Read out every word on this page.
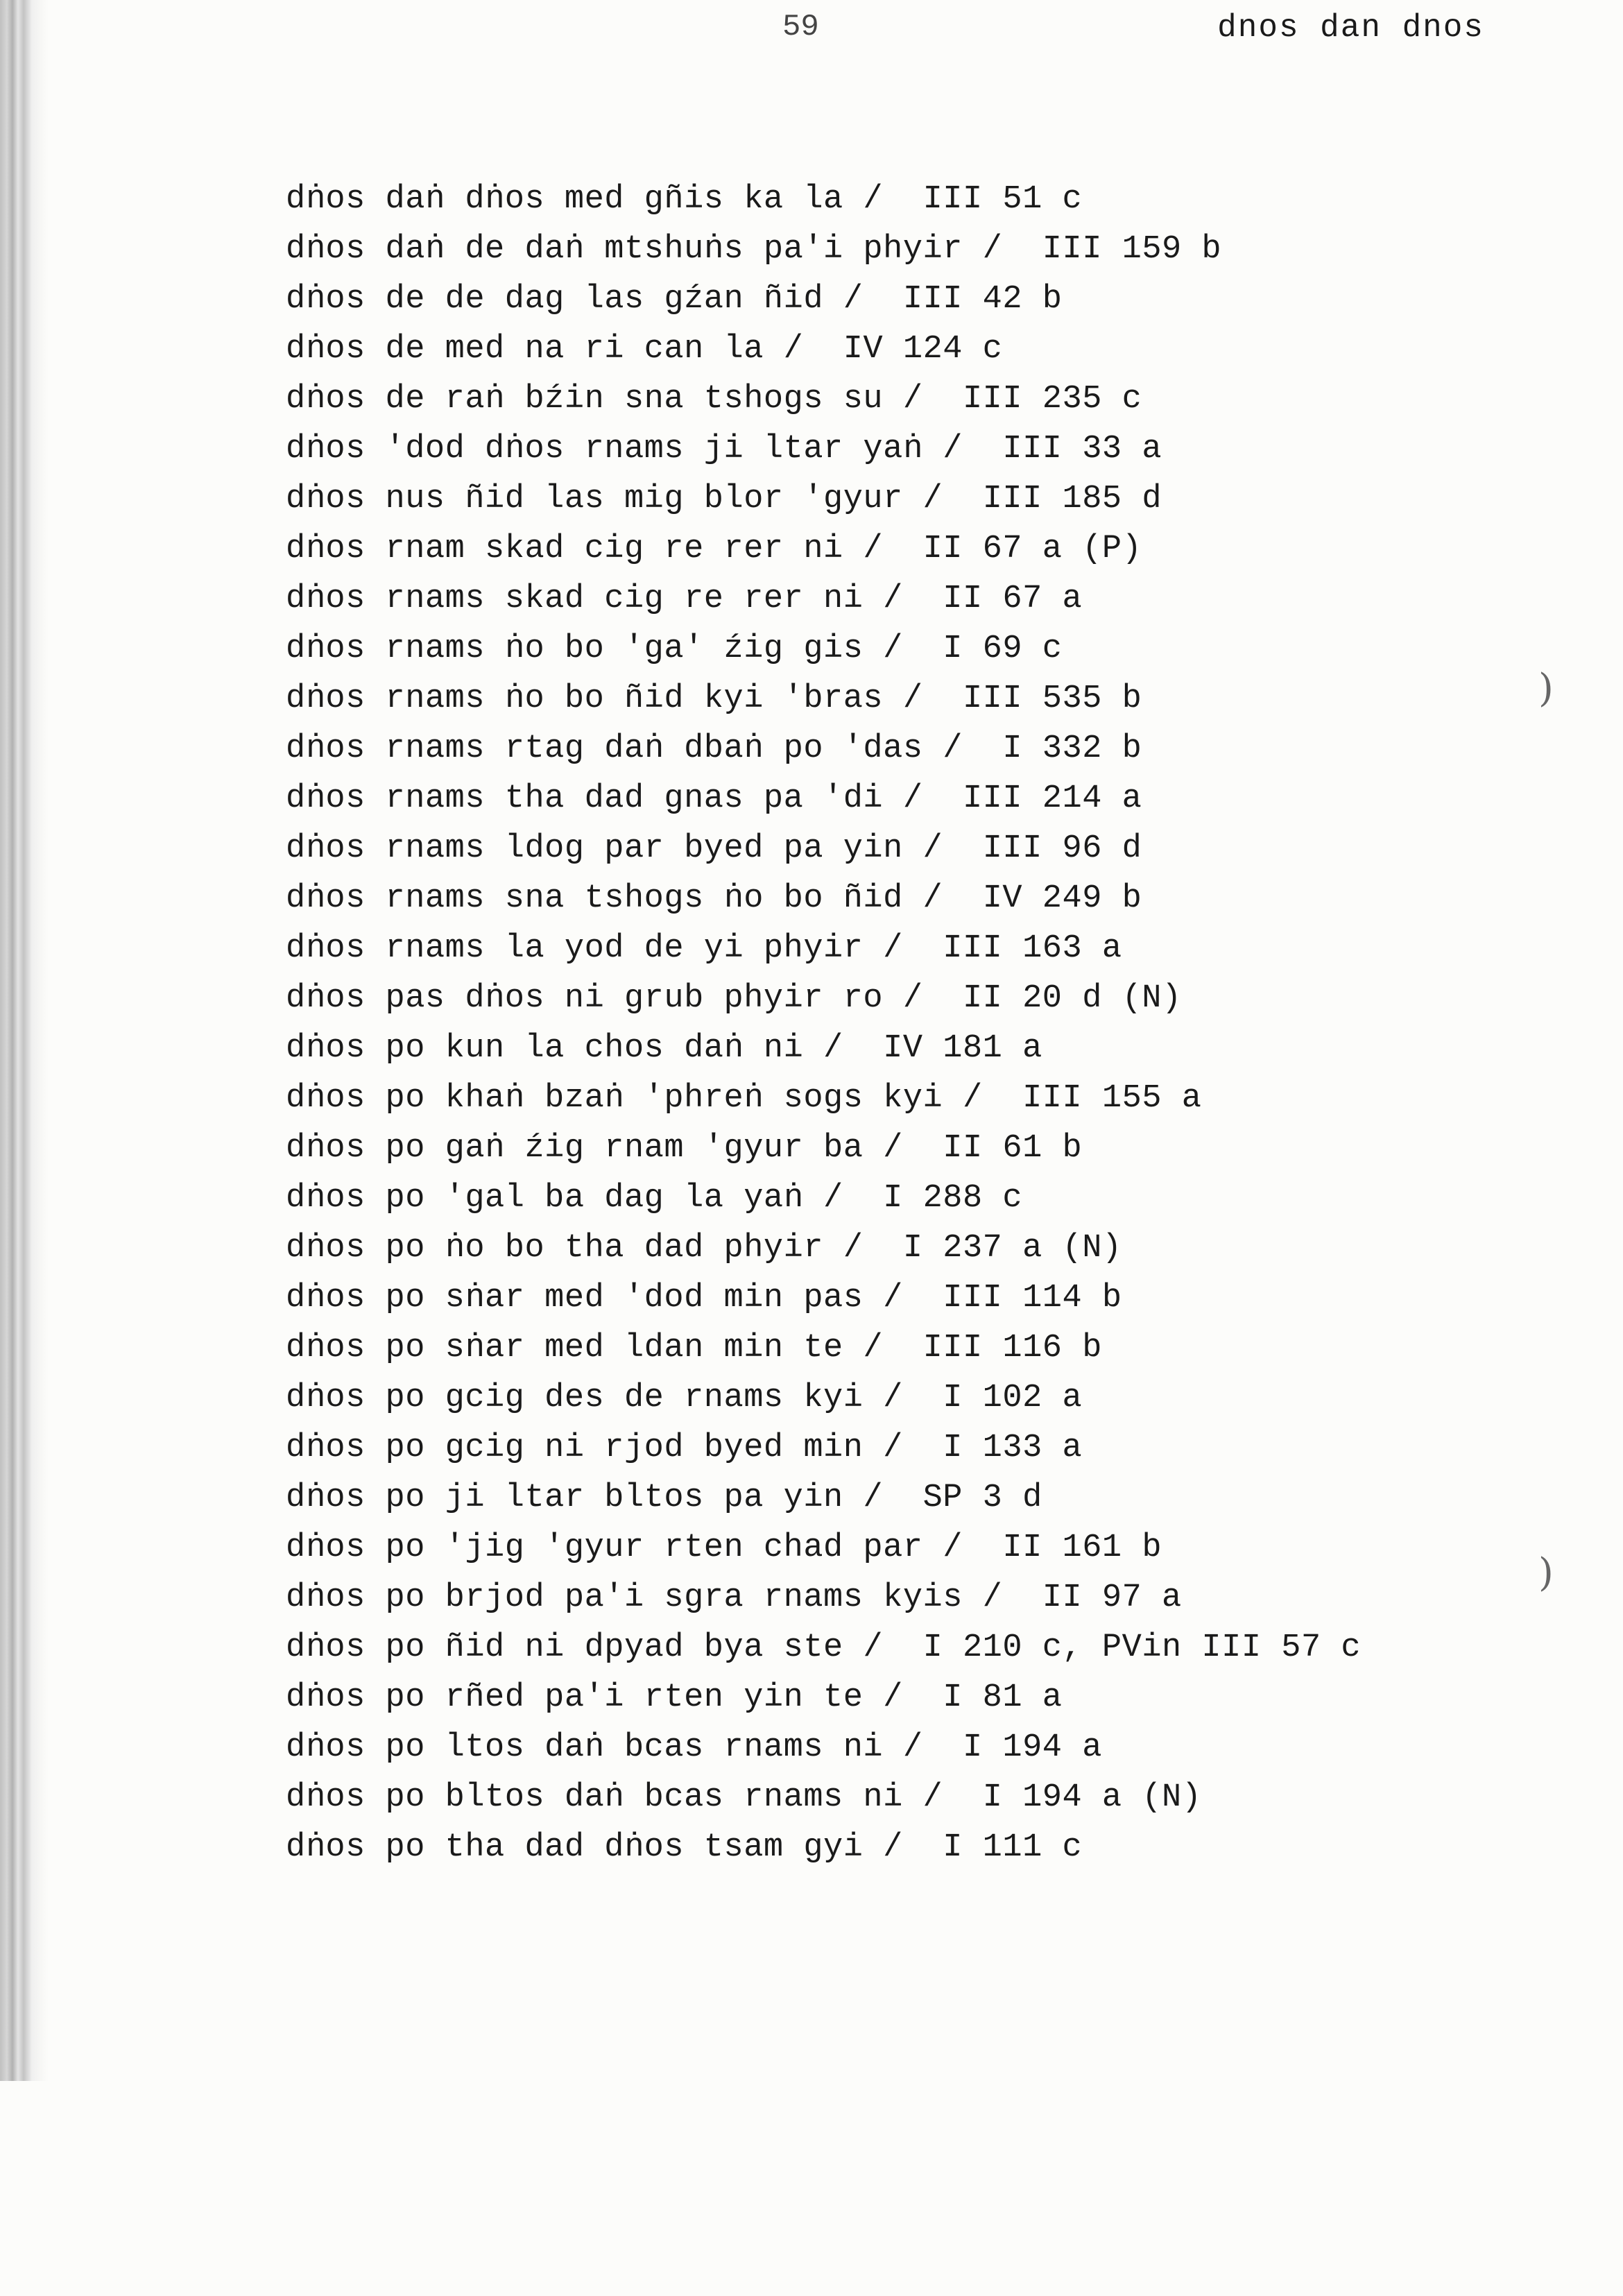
59	dnos dan dnos
dṅos daṅ dṅos med gñis ka la / III 51 c
dṅos daṅ de daṅ mtshuṅs pa'i phyir / III 159 b
dṅos de de dag las gźan ñid / III 42 b
dṅos de med na ri can la / IV 124 c
dṅos de raṅ bźin sna tshogs su / III 235 c
dṅos 'dod dṅos rnams ji ltar yaṅ / III 33 a
dṅos nus ñid las mig blor 'gyur / III 185 d
dṅos rnam skad cig re rer ni / II 67 a (P)
dṅos rnams skad cig re rer ni / II 67 a
dṅos rnams ṅo bo 'ga' źig gis / I 69 c
dṅos rnams ṅo bo ñid kyi 'bras / III 535 b
dṅos rnams rtag daṅ dbaṅ po 'das / I 332 b
dṅos rnams tha dad gnas pa 'di / III 214 a
dṅos rnams ldog par byed pa yin / III 96 d
dṅos rnams sna tshogs ṅo bo ñid / IV 249 b
dṅos rnams la yod de yi phyir / III 163 a
dṅos pas dṅos ni grub phyir ro / II 20 d (N)
dṅos po kun la chos daṅ ni / IV 181 a
dṅos po khaṅ bzaṅ 'phreṅ sogs kyi / III 155 a
dṅos po gaṅ źig rnam 'gyur ba / II 61 b
dṅos po 'gal ba dag la yaṅ / I 288 c
dṅos po ṅo bo tha dad phyir / I 237 a (N)
dṅos po sṅar med 'dod min pas / III 114 b
dṅos po sṅar med ldan min te / III 116 b
dṅos po gcig des de rnams kyi / I 102 a
dṅos po gcig ni rjod byed min / I 133 a
dṅos po ji ltar bltos pa yin / SP 3 d
dṅos po 'jig 'gyur rten chad par / II 161 b
dṅos po brjod pa'i sgra rnams kyis / II 97 a
dṅos po ñid ni dpyad bya ste / I 210 c, PVin III 57 c
dṅos po rñed pa'i rten yin te / I 81 a
dṅos po ltos daṅ bcas rnams ni / I 194 a
dṅos po bltos daṅ bcas rnams ni / I 194 a (N)
dṅos po tha dad dṅos tsam gyi / I 111 c
)
)
